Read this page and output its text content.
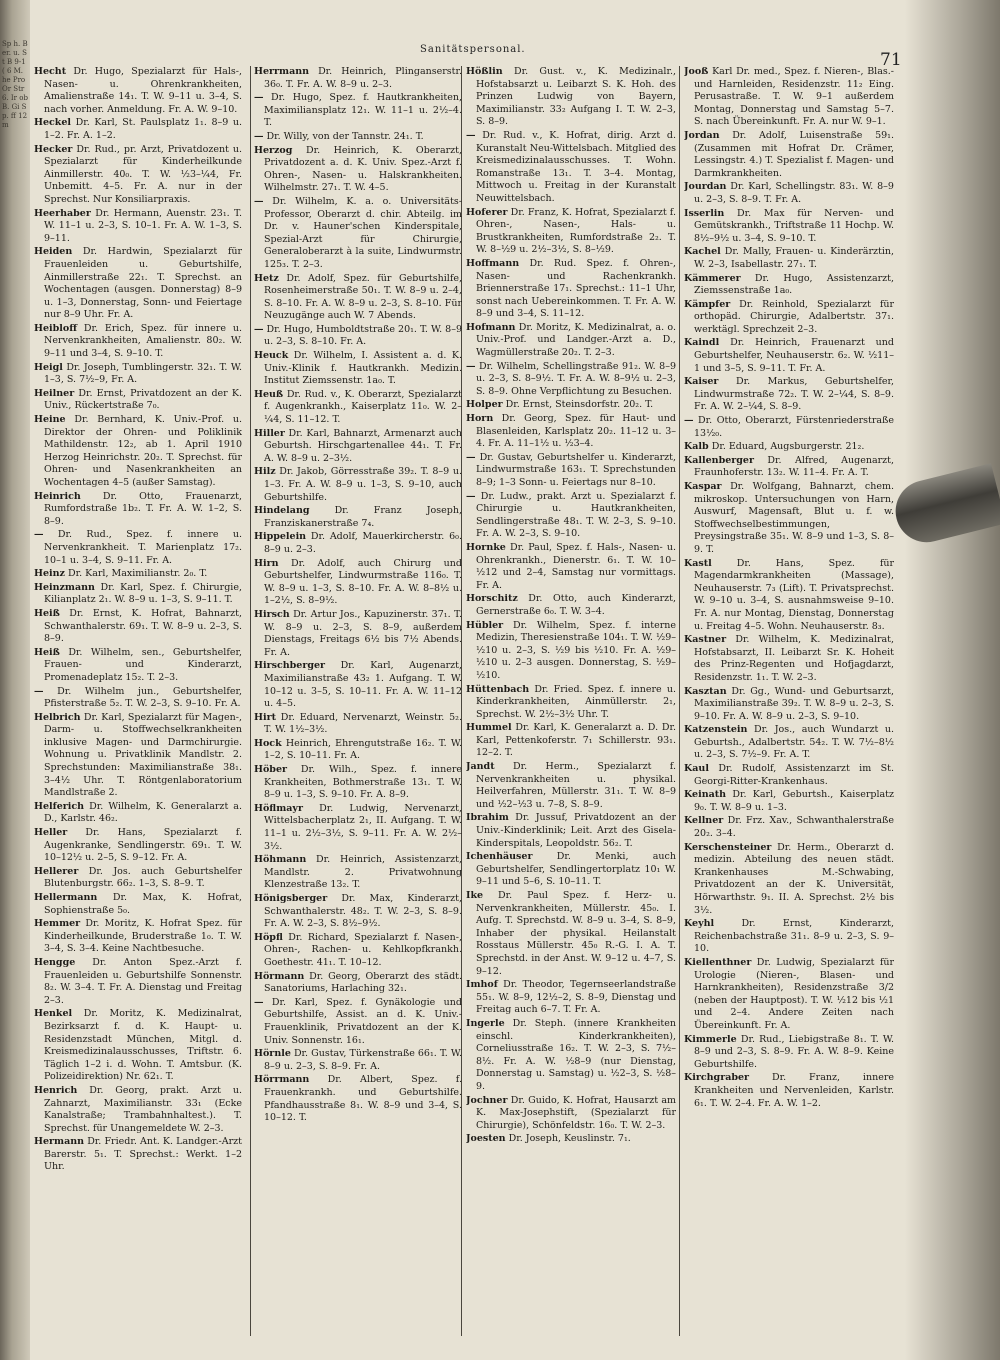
Sp h. Ber. u. St B 9-1 ( 6 M. he Pro Or Str 6. Ir ob B. Gi Sp. ff 12 m
Sanitätspersonal.
71
Hecht Dr. Hugo, Spezialarzt für Hals-, Nasen- u. Ohrenkrankheiten, Amalienstraße 14₁. T. W. 9–11 u. 3–4, S. nach vorher. Anmeldung. Fr. A. W. 9–10.
Heckel Dr. Karl, St. Paulsplatz 1₁. 8–9 u. 1–2. Fr. A. 1–2.
Hecker Dr. Rud., pr. Arzt, Privatdozent u. Spezialarzt für Kinderheilkunde Ainmillerstr. 40₀. T. W. ½3–¼4, Fr. Unbemitt. 4–5. Fr. A. nur in der Sprechst. Nur Konsiliarpraxis.
Heerhaber Dr. Hermann, Auenstr. 23₁. T. W. 11–1 u. 2–3, S. 10–1. Fr. A. W. 1–3, S. 9–11.
Heiden Dr. Hardwin, Spezialarzt für Frauenleiden u. Geburtshilfe, Ainmillerstraße 22₁. T. Sprechst. an Wochentagen (ausgen. Donnerstag) 8–9 u. 1–3, Donnerstag, Sonn- und Feiertage nur 8–9 Uhr. Fr. A.
Heibloff Dr. Erich, Spez. für innere u. Nervenkrankheiten, Amalienstr. 80₂. W. 9–11 und 3–4, S. 9–10. T.
Heigl Dr. Joseph, Tumblingerstr. 32₁. T. W. 1–3, S. 7½–9, Fr. A.
Heilner Dr. Ernst, Privatdozent an der K. Univ., Rückertstraße 7₀.
Heine Dr. Bernhard, K. Univ.-Prof. u. Direktor der Ohren- und Poliklinik Mathildenstr. 12₂, ab 1. April 1910 Herzog Heinrichstr. 20₂. T. Sprechst. für Ohren- und Nasenkrankheiten an Wochentagen 4–5 (außer Samstag).
Heinrich Dr. Otto, Frauenarzt, Rumfordstraße 1b₂. T. Fr. A. W. 1–2, S. 8–9.
— Dr. Rud., Spez. f. innere u. Nervenkrankheit. T. Marienplatz 17₂. 10–1 u. 3–4, S. 9–11. Fr. A.
Heinz Dr. Karl, Maximilianstr. 2₀. T.
Heinzmann Dr. Karl, Spez. f. Chirurgie, Kilianplatz 2₁. W. 8–9 u. 1–3, S. 9–11. T.
Heiß Dr. Ernst, K. Hofrat, Bahnarzt, Schwanthalerstr. 69₁. T. W. 8–9 u. 2–3, S. 8–9.
Heiß Dr. Wilhelm, sen., Geburtshelfer, Frauen- und Kinderarzt, Promenadeplatz 15₂. T. 2–3.
— Dr. Wilhelm jun., Geburtshelfer, Pfisterstraße 5₂. T. W. 2–3, S. 9–10. Fr. A.
Helbrich Dr. Karl, Spezialarzt für Magen-, Darm- u. Stoffwechselkrankheiten inklusive Magen- und Darmchirurgie. Wohnung u. Privatklinik Mandlstr. 2. Sprechstunden: Maximilianstraße 38₁. 3–4½ Uhr. T. Röntgenlaboratorium Mandlstraße 2.
Helferich Dr. Wilhelm, K. Generalarzt a. D., Karlstr. 46₂.
Heller Dr. Hans, Spezialarzt f. Augenkranke, Sendlingerstr. 69₁. T. W. 10–12½ u. 2–5, S. 9–12. Fr. A.
Hellerer Dr. Jos. auch Geburtshelfer Blutenburgstr. 66₂. 1–3, S. 8–9. T.
Hellermann Dr. Max, K. Hofrat, Sophienstraße 5₀.
Hemmer Dr. Moritz, K. Hofrat Spez. für Kinderheilkunde, Bruderstraße 1₀. T. W. 3–4, S. 3–4. Keine Nachtbesuche.
Hengge Dr. Anton Spez.-Arzt f. Frauenleiden u. Geburtshilfe Sonnenstr. 8₂. W. 3–4. T. Fr. A. Dienstag und Freitag 2–3.
Henkel Dr. Moritz, K. Medizinalrat, Bezirksarzt f. d. K. Haupt- u. Residenzstadt München, Mitgl. d. Kreismedizinalausschusses, Triftstr. 6. Täglich 1–2 i. d. Wohn. T. Amtsbur. (K. Polizeidirektion) Nr. 62₁. T.
Henrich Dr. Georg, prakt. Arzt u. Zahnarzt, Maximilianstr. 33₁ (Ecke Kanalstraße; Trambahnhaltest.). T. Sprechst. für Unangemeldete W. 2–3.
Hermann Dr. Friedr. Ant. K. Landger.-Arzt Barerstr. 5₁. T. Sprechst.: Werkt. 1–2 Uhr.
Herrmann Dr. Heinrich, Plinganserstr. 36₀. T. Fr. A. W. 8–9 u. 2–3.
— Dr. Hugo, Spez. f. Hautkrankheiten, Maximiliansplatz 12₁. W. 11–1 u. 2½–4. T.
— Dr. Willy, von der Tannstr. 24₁. T.
Herzog Dr. Heinrich, K. Oberarzt, Privatdozent a. d. K. Univ. Spez.-Arzt f. Ohren-, Nasen- u. Halskrankheiten. Wilhelmstr. 27₁. T. W. 4–5.
— Dr. Wilhelm, K. a. o. Universitäts-Professor, Oberarzt d. chir. Abteilg. im Dr. v. Hauner'schen Kinderspitale, Spezial-Arzt für Chirurgie, Generaloberarzt à la suite, Lindwurmstr. 125₃. T. 2–3.
Hetz Dr. Adolf, Spez. für Geburtshilfe, Rosenheimerstraße 50₁. T. W. 8–9 u. 2–4, S. 8–10. Fr. A. W. 8–9 u. 2–3, S. 8–10. Für Neuzugänge auch W. 7 Abends.
— Dr. Hugo, Humboldtstraße 20₁. T. W. 8–9 u. 2–3, S. 8–10. Fr. A.
Heuck Dr. Wilhelm, I. Assistent a. d. K. Univ.-Klinik f. Hautkrankh. Medizin. Institut Ziemssenstr. 1a₀. T.
Heuß Dr. Rud. v., K. Oberarzt, Spezialarzt f. Augenkrankh., Kaiserplatz 11₀. W. 2–¼4, S. 11–12. T.
Hiller Dr. Karl, Bahnarzt, Armenarzt auch Geburtsh. Hirschgartenallee 44₁. T. Fr. A. W. 8–9 u. 2–3½.
Hilz Dr. Jakob, Görresstraße 39₂. T. 8–9 u. 1–3. Fr. A. W. 8–9 u. 1–3, S. 9–10, auch Geburtshilfe.
Hindelang	Dr. Franz Joseph, Franziskanerstraße 7₄.
Hippelein Dr. Adolf, Mauerkircherstr. 6₀. 8–9 u. 2–3.
Hirn Dr. Adolf, auch Chirurg und Geburtshelfer, Lindwurmstraße 116₀. T. W. 8–9 u. 1–3, S. 8–10. Fr. A. W. 8–8½ u. 1–2½, S. 8–9½.
Hirsch Dr. Artur Jos., Kapuzinerstr. 37₁. T. W. 8–9 u. 2–3, S. 8–9, außerdem Dienstags, Freitags 6½ bis 7½ Abends. Fr. A.
Hirschberger Dr. Karl, Augenarzt, Maximilianstraße 43₂ 1. Aufgang. T. W. 10–12 u. 3–5, S. 10–11. Fr. A. W. 11–12 u. 4–5.
Hirt Dr. Eduard, Nervenarzt, Weinstr. 5₂. T. W. 1½–3½.
Hock Heinrich, Ehrengutstraße 16₂. T. W. 1–2, S. 10–11. Fr. A.
Höber Dr. Wilh., Spez. f. innere Krankheiten, Bothmerstraße 13₁. T. W. 8–9 u. 1–3, S. 9–10. Fr. A. 8–9.
Höflmayr Dr. Ludwig, Nervenarzt, Wittelsbacherplatz 2₁, II. Aufgang. T. W. 11–1 u. 2½–3½, S. 9–11. Fr. A. W. 2½–3½.
Höhmann Dr. Heinrich, Assistenzarzt, Mandlstr. 2. Privatwohnung Klenzestraße 13₂. T.
Hönigsberger Dr. Max, Kinderarzt, Schwanthalerstr. 48₂. T. W. 2–3, S. 8–9. Fr. A. W. 2–3, S. 8½–9½.
Höpfl Dr. Richard, Spezialarzt f. Nasen-, Ohren-, Rachen- u. Kehlkopfkrankh. Goethestr. 41₁. T. 10–12.
Hörmann Dr. Georg, Oberarzt des städt. Sanatoriums, Harlaching 32₁.
— Dr. Karl, Spez. f. Gynäkologie und Geburtshilfe, Assist. an d. K. Univ.-Frauenklinik, Privatdozent an der K. Univ. Sonnenstr. 16₁.
Hörnle Dr. Gustav, Türkenstraße 66₁. T. W. 8–9 u. 2–3, S. 8–9. Fr. A.
Hörrmann Dr. Albert, Spez. f. Frauenkrankh. und Geburtshilfe. Pfandhausstraße 8₁. W. 8–9 und 3–4, S. 10–12. T.
Hößlin Dr. Gust. v., K. Medizinalr., Hofstabsarzt u. Leibarzt S. K. Hoh. des Prinzen Ludwig von Bayern, Maximilianstr. 33₂ Aufgang I. T. W. 2–3, S. 8–9.
— Dr. Rud. v., K. Hofrat, dirig. Arzt d. Kuranstalt Neu-Wittelsbach. Mitglied des Kreismedizinalausschusses. T. Wohn. Romanstraße 13₁. T. 3–4. Montag, Mittwoch u. Freitag in der Kuranstalt Neuwittelsbach.
Hoferer Dr. Franz, K. Hofrat, Spezialarzt f. Ohren-, Nasen-, Hals- u. Brustkrankheiten, Rumfordstraße 2₂. T. W. 8–½9 u. 2½–3½, S. 8–½9.
Hoffmann Dr. Rud. Spez. f. Ohren-, Nasen- und Rachenkrankh. Briennerstraße 17₁. Sprechst.: 11–1 Uhr, sonst nach Uebereinkommen. T. Fr. A. W. 8–9 und 3–4, S. 11–12.
Hofmann Dr. Moritz, K. Medizinalrat, a. o. Univ.-Prof. und Landger.-Arzt a. D., Wagmüllerstraße 20₂. T. 2–3.
— Dr. Wilhelm, Schellingstraße 91₂. W. 8–9 u. 2–3, S. 8–9½. T. Fr. A. W. 8–9½ u. 2–3, S. 8–9. Ohne Verpflichtung zu Besuchen.
Holper Dr. Ernst, Steinsdorfstr. 20₂. T.
Horn Dr. Georg, Spez. für Haut- und Blasenleiden, Karlsplatz 20₂. 11–12 u. 3–4. Fr. A. 11–1½ u. ½3–4.
— Dr. Gustav, Geburtshelfer u. Kinderarzt, Lindwurmstraße 163₁. T. Sprechstunden 8–9; 1–3 Sonn- u. Feiertags nur 8–10.
— Dr. Ludw., prakt. Arzt u. Spezialarzt f. Chirurgie u. Hautkrankheiten, Sendlingerstraße 48₁. T. W. 2–3, S. 9–10. Fr. A. W. 2–3, S. 9–10.
Hornke Dr. Paul, Spez. f. Hals-, Nasen- u. Ohrenkrankh., Dienerstr. 6₁. T. W. 10–½12 und 2–4, Samstag nur vormittags. Fr. A.
Horschitz Dr. Otto, auch Kinderarzt, Gernerstraße 6₀. T. W. 3–4.
Hübler Dr. Wilhelm, Spez. f. interne Medizin, Theresienstraße 104₁. T. W. ½9–½10 u. 2–3, S. ½9 bis ½10. Fr. A. ½9–½10 u. 2–3 ausgen. Donnerstag, S. ½9–½10.
Hüttenbach Dr. Fried. Spez. f. innere u. Kinderkrankheiten, Ainmüllerstr. 2₁, Sprechst. W. 2½–3½ Uhr. T.
Hummel Dr. Karl, K. Generalarzt a. D. Dr. Karl, Pettenkoferstr. 7₁ Schillerstr. 93₁. 12–2. T.
Jandt Dr. Herm., Spezialarzt f. Nervenkrankheiten u. physikal. Heilverfahren, Müllerstr. 31₁. T. W. 8–9 und ½2–½3 u. 7–8, S. 8–9.
Ibrahim Dr. Jussuf, Privatdozent an der Univ.-Kinderklinik; Leit. Arzt des Gisela-Kinderspitals, Leopoldstr. 56₂. T.
Ichenhäuser	Dr. Menki, auch Geburtshelfer, Sendlingertorplatz 10₁ W. 9–11 und 5–6, S. 10–11. T.
Ike Dr. Paul Spez. f. Herz- u. Nervenkrankheiten, Müllerstr. 45₀. I. Aufg. T. Sprechstd. W. 8–9 u. 3–4, S. 8–9, Inhaber der physikal. Heilanstalt Rosstaus Müllerstr. 45₀ R.-G. I. A. T. Sprechstd. in der Anst. W. 9–12 u. 4–7, S. 9–12.
Imhof Dr. Theodor, Tegernseerlandstraße 55₁. W. 8–9, 12½–2, S. 8–9, Dienstag und Freitag auch 6–7. T. Fr. A.
Ingerle Dr. Steph. (innere Krankheiten einschl. Kinderkrankheiten), Corneliusstraße 16₂. T. W. 2–3, S. 7½–8½. Fr. A. W. ½8–9 (nur Dienstag, Donnerstag u. Samstag) u. ½2–3, S. ½8–9.
Jochner Dr. Guido, K. Hofrat, Hausarzt am K. Max-Josephstift, (Spezialarzt für Chirurgie), Schönfeldstr. 16₀. T. W. 2–3.
Joesten Dr. Joseph, Keuslinstr. 7₁.
Jooß Karl Dr. med., Spez. f. Nieren-, Blas.- und Harnleiden, Residenzstr. 11₂ Eing. Perusastraße. T. W. 9–1 außerdem Montag, Donnerstag und Samstag 5–7. S. nach Übereinkunft. Fr. A. nur W. 9–1.
Jordan Dr. Adolf, Luisenstraße 59₁. (Zusammen mit Hofrat Dr. Crämer, Lessingstr. 4.) T. Spezialist f. Magen- und Darmkrankheiten.
Jourdan Dr. Karl, Schellingstr. 83₁. W. 8–9 u. 2–3, S. 8–9. T. Fr. A.
Isserlin Dr. Max für Nerven- und Gemütskrankh., Triftstraße 11 Hochp. W. 8½–9½ u. 3–4, S. 9–10. T.
Kachel Dr. Mally, Frauen- u. Kinderärztin, W. 2–3, Isabellastr. 27₁. T.
Kämmerer Dr. Hugo, Assistenzarzt, Ziemssenstraße 1a₀.
Kämpfer Dr. Reinhold, Spezialarzt für orthopäd. Chirurgie, Adalbertstr. 37₁. werktägl. Sprechzeit 2–3.
Kaindl Dr. Heinrich, Frauenarzt und Geburtshelfer, Neuhauserstr. 6₂. W. ½11–1 und 3–5, S. 9–11. T. Fr. A.
Kaiser Dr. Markus, Geburtshelfer, Lindwurmstraße 72₂. T. W. 2–¼4, S. 8–9. Fr. A. W. 2–¼4, S. 8–9.
— Dr. Otto, Oberarzt, Fürstenriederstraße 13½₀.
Kalb Dr. Eduard, Augsburgerstr. 21₂.
Kallenberger Dr. Alfred, Augenarzt, Fraunhoferstr. 13₂. W. 11–4. Fr. A. T.
Kaspar Dr. Wolfgang, Bahnarzt, chem. mikroskop. Untersuchungen von Harn, Auswurf, Magensaft, Blut u. f. w. Stoffwechselbestimmungen, Preysingstraße 35₁. W. 8–9 und 1–3, S. 8–9. T.
Kastl	Dr. Hans, Spez. für Magendarmkrankheiten (Massage), Neuhauserstr. 7₃ (Lift). T. Privatsprechst. W. 9–10 u. 3–4, S. ausnahmsweise 9–10. Fr. A. nur Montag, Dienstag, Donnerstag u. Freitag 4–5. Wohn. Neuhauserstr. 8₃.
Kastner Dr. Wilhelm, K. Medizinalrat, Hofstabsarzt, II. Leibarzt Sr. K. Hoheit des Prinz-Regenten und Hofjagdarzt, Residenzstr. 1₁. T. W. 2–3.
Kasztan Dr. Gg., Wund- und Geburtsarzt, Maximilianstraße 39₂. T. W. 8–9 u. 2–3, S. 9–10. Fr. A. W. 8–9 u. 2–3, S. 9–10.
Katzenstein Dr. Jos., auch Wundarzt u. Geburtsh., Adalbertstr. 54₂. T. W. 7½–8½ u. 2–3, S. 7½–9. Fr. A. T.
Kaul Dr. Rudolf, Assistenzarzt im St. Georgi-Ritter-Krankenhaus.
Keinath Dr. Karl, Geburtsh., Kaiserplatz 9₀. T. W. 8–9 u. 1–3.
Kellner Dr. Frz. Xav., Schwanthalerstraße 20₂. 3–4.
Kerschensteiner Dr. Herm., Oberarzt d. medizin. Abteilung des neuen städt. Krankenhauses M.-Schwabing, Privatdozent an der K. Universität, Hörwarthstr. 9₁. II. A. Sprechst. 2½ bis 3½.
Keyhl	Dr. Ernst, Kinderarzt, Reichenbachstraße 31₁. 8–9 u. 2–3, S. 9–10.
Kiellenthner Dr. Ludwig, Spezialarzt für Urologie (Nieren-, Blasen- und Harnkrankheiten), Residenzstraße 3/2 (neben der Hauptpost). T. W. ½12 bis ½1 und 2–4. Andere Zeiten nach Übereinkunft. Fr. A.
Kimmerle Dr. Rud., Liebigstraße 8₁. T. W. 8–9 und 2–3, S. 8–9. Fr. A. W. 8–9. Keine Geburtshilfe.
Kirchgraber Dr. Franz, innere Krankheiten und Nervenleiden, Karlstr. 6₁. T. W. 2–4. Fr. A. W. 1–2.
